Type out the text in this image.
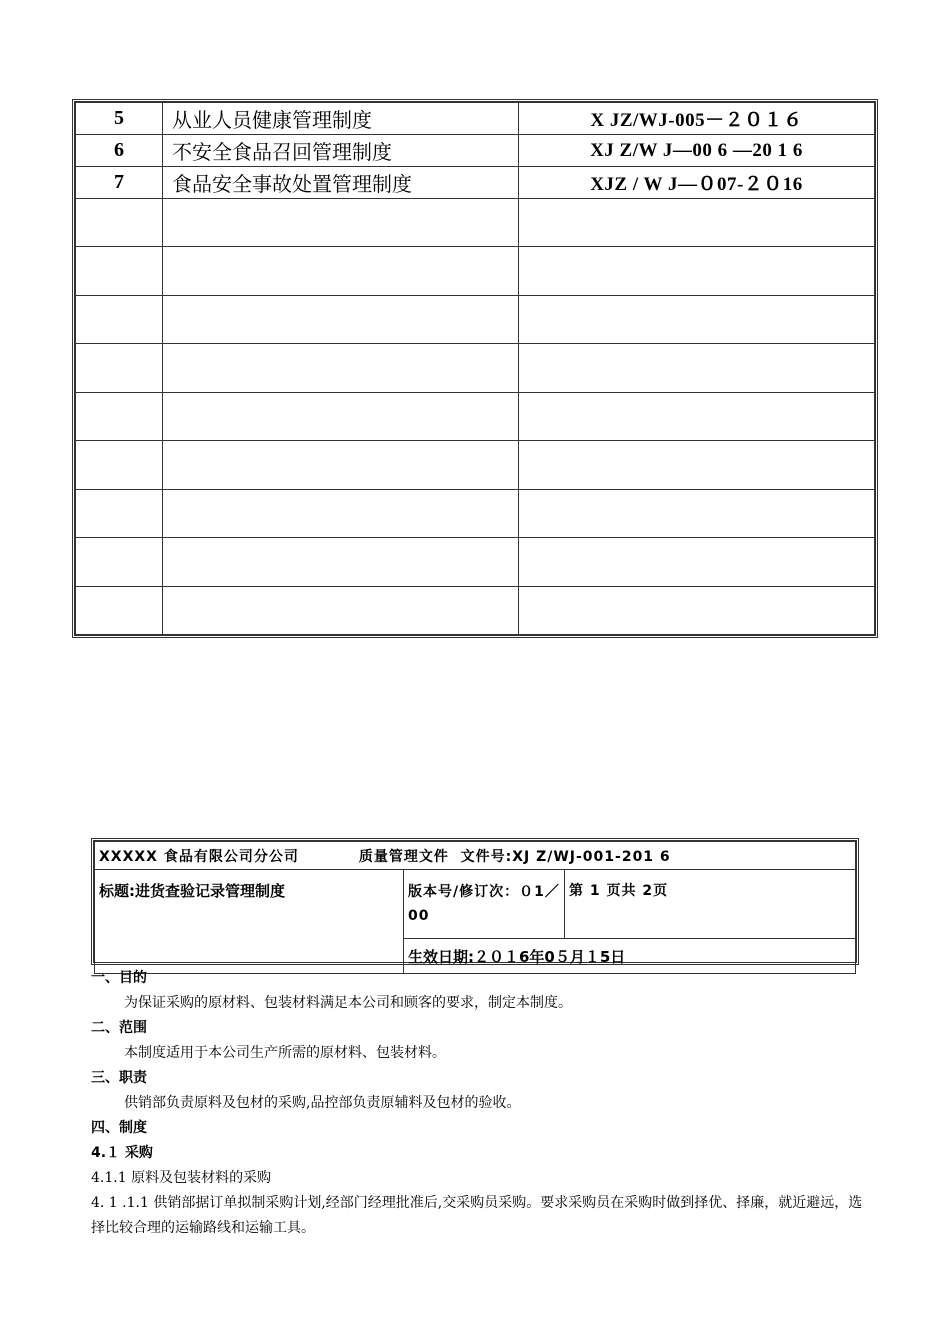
5	从业人员健康管理制度	X JZ/WJ-005－２０１６
6	不安全食品召回管理制度	XJ Z/W J—00 6 —20 1 6
7	食品安全事故处置管理制度	XJZ / W J—０07-２０16

XXXXX 食品有限公司分公司	质量管理文件 文件号:XJ Z/WJ-001-201 6
标题:进货查验记录管理制度	版本号/修订次：０1／00	第 1 页共 2页
生效日期:２０１6年0５月１5日
一、目的
为保证采购的原材料、包装材料满足本公司和顾客的要求，制定本制度。
二、范围
本制度适用于本公司生产所需的原材料、包装材料。
三、职责
供销部负责原料及包材的采购,品控部负责原辅料及包材的验收。
四、制度
4.１ 采购
4.1.1 原料及包装材料的采购
4. 1 .1.1 供销部据订单拟制采购计划,经部门经理批准后,交采购员采购。要求采购员在采购时做到择优、择廉，就近避远，选择比较合理的运输路线和运输工具。
